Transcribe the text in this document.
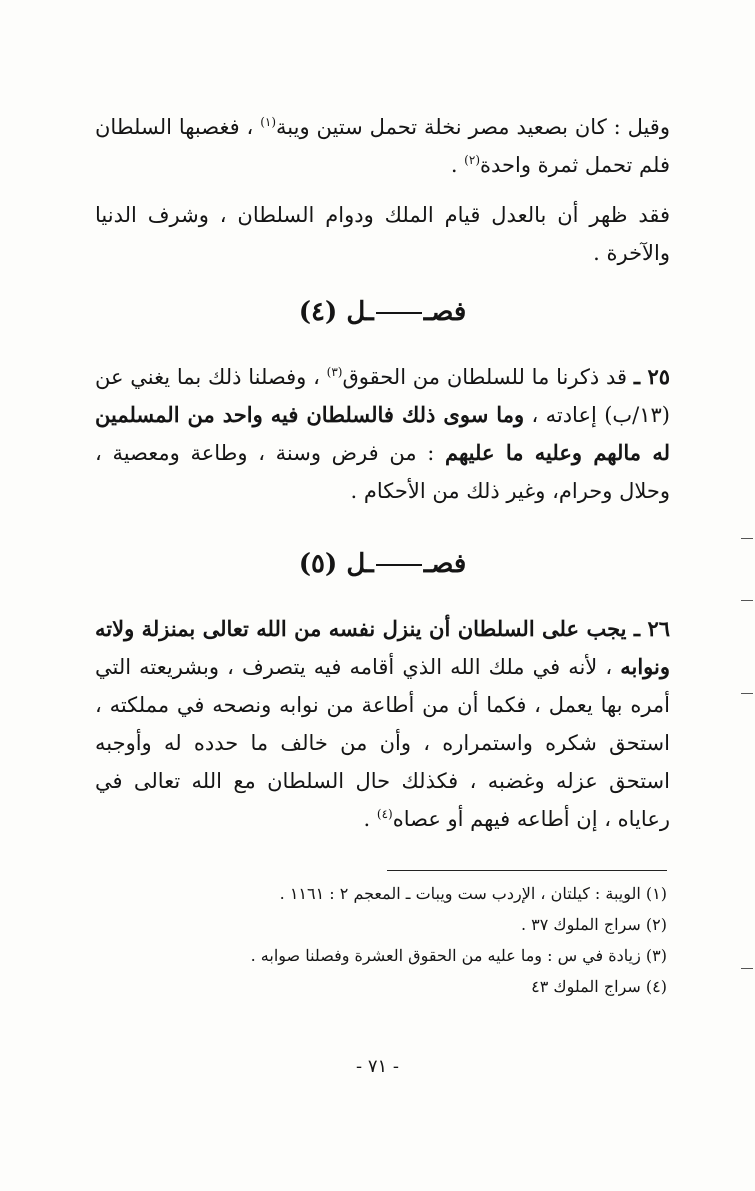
وقيل : كان بصعيد مصر نخلة تحمل ستين ويبة$^{(١)}$ ، فغصبها السلطان فلم تحمل ثمرة واحدة$^{(٢)}$ .

فقد ظهر أن بالعدل قيام الملك ودوام السلطان ، وشرف الدنيا والآخرة .

فصــل (٤)

٢٥ ـ قد ذكرنا ما للسلطان من الحقوق$^{(٣)}$ ، وفصلنا ذلك بما يغني عن (١٣/ب) إعادته ، وما سوى ذلك فالسلطان فيه واحد من المسلمين له مالهم وعليه ما عليهم : من فرض وسنة ، وطاعة ومعصية ، وحلال وحرام، وغير ذلك من الأحكام .

فصــل (٥)

٢٦ ـ يجب على السلطان أن ينزل نفسه من الله تعالى بمنزلة ولاته ونوابه ، لأنه في ملك الله الذي أقامه فيه يتصرف ، وبشريعته التي أمره بها يعمل ، فكما أن من أطاعة من نوابه ونصحه في مملكته ، استحق شكره واستمراره ، وأن من خالف ما حدده له وأوجبه استحق عزله وغضبه ، فكذلك حال السلطان مع الله تعالى في رعاياه ، إن أطاعه فيهم أو عصاه$^{(٤)}$ .

(١) الويبة : كيلتان ، الإردب ست ويبات ـ المعجم ٢ : ١١٦١ .
(٢) سراج الملوك ٣٧ .
(٣) زيادة في س : وما عليه من الحقوق العشرة وفصلنا صوابه .
(٤) سراج الملوك ٤٣
- ٧١ -
